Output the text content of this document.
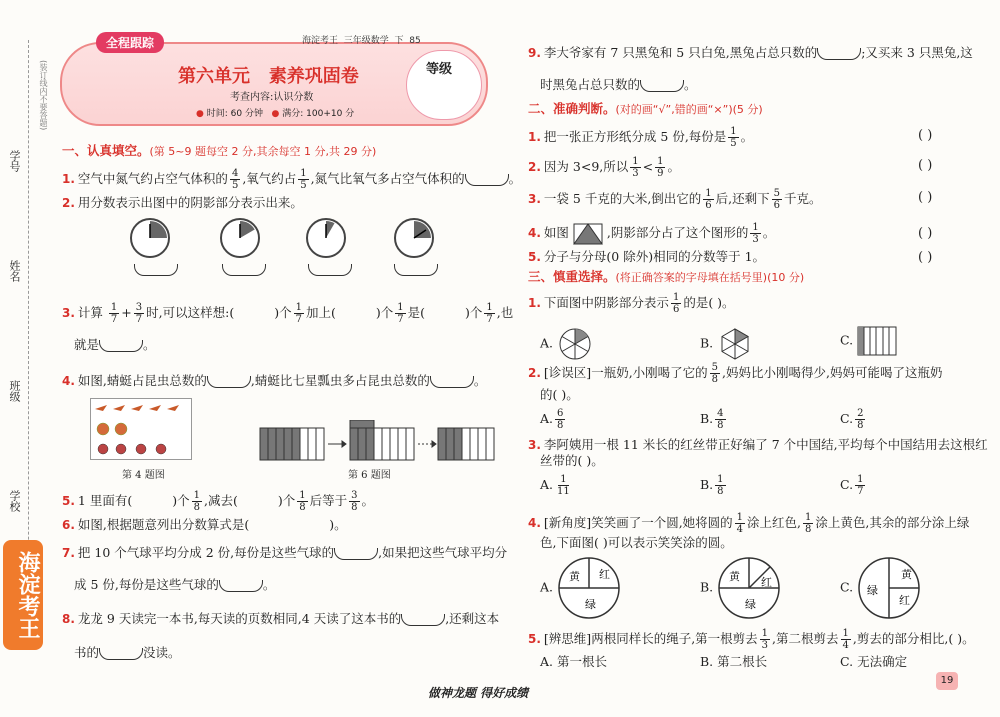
学号
姓名
班级
学校
(装订线内不要答题)
海淀考王
全程跟踪	海淀考王 三年级数学 下 85
第六单元 素养巩固卷
考查内容:认识分数
● 时间: 60 分钟 ● 满分: 100+10 分
等级
一、认真填空。(第 5~9 题每空 2 分,其余每空 1 分,共 29 分)
1. 空气中氮气约占空气体积的 $\frac{4}{5}$ ,氧气约占 $\frac{1}{5}$ ,氮气比氧气多占空气体积的	。
2. 用分数表示出图中的阴影部分表示出来。
3. 计算 $\frac{1}{7} + \frac{3}{7}$ 时,可以这样想:(	)个 $\frac{1}{7}$ 加上(	)个 $\frac{1}{7}$ 是(	)个 $\frac{1}{7}$ ,也
就是	。
4. 如图,蜻蜓占昆虫总数的	,蜻蜓比七星瓢虫多占昆虫总数的	。
第 4 题图	第 6 题图
5. 1 里面有(	)个 $\frac{1}{8}$ ,减去(	)个 $\frac{1}{8}$ 后等于 $\frac{3}{8}$ 。
6. 如图,根据题意列出分数算式是(	)。
7. 把 10 个气球平均分成 2 份,每份是这些气球的	,如果把这些气球平均分
成 5 份,每份是这些气球的	。
8. 龙龙 9 天读完一本书,每天读的页数相同,4 天读了这本书的	,还剩这本
书的	没读。
9. 李大爷家有 7 只黑兔和 5 只白兔,黑兔占总只数的	;又买来 3 只黑兔,这
时黑兔占总只数的	。
二、准确判断。(对的画“√”,错的画“×”)(5 分)
1. 把一张正方形纸分成 5 份,每份是 $\frac{1}{5}$ 。	( )
2. 因为 3<9,所以 $\frac{1}{3} < \frac{1}{9}$ 。	( )
3. 一袋 5 千克的大米,倒出它的 $\frac{1}{6}$ 后,还剩下 $\frac{5}{6}$ 千克。	( )
4. 如图	,阴影部分占了这个图形的 $\frac{1}{3}$ 。	( )
5. 分子与分母(0 除外)相同的分数等于 1。	( )
三、慎重选择。(将正确答案的字母填在括号里)(10 分)
1. 下面图中阴影部分表示 $\frac{1}{6}$ 的是( )。
A.	B.	C.
2. [诊误区]一瓶奶,小刚喝了它的 $\frac{5}{8}$ ,妈妈比小刚喝得少,妈妈可能喝了这瓶奶
的( )。
A. $\frac{6}{8}$	B. $\frac{4}{8}$	C. $\frac{2}{8}$
3. 李阿姨用一根 11 米长的红丝带正好编了 7 个中国结,平均每个中国结用去这根红
丝带的( )。
A. $\frac{1}{11}$	B. $\frac{1}{8}$	C. $\frac{1}{7}$
4. [新角度]笑笑画了一个圆,她将圆的 $\frac{1}{4}$ 涂上红色, $\frac{1}{8}$ 涂上黄色,其余的部分涂上绿
色,下面图( )可以表示笑笑涂的圆。
A.
黄 红
绿
B.
黄 红
绿
C. 绿
黄
红
5. [辨思维]两根同样长的绳子,第一根剪去 $\frac{1}{3}$ ,第二根剪去 $\frac{1}{4}$ ,剪去的部分相比,( )。
A. 第一根长	B. 第二根长	C. 无法确定
做神龙题 得好成绩
19
